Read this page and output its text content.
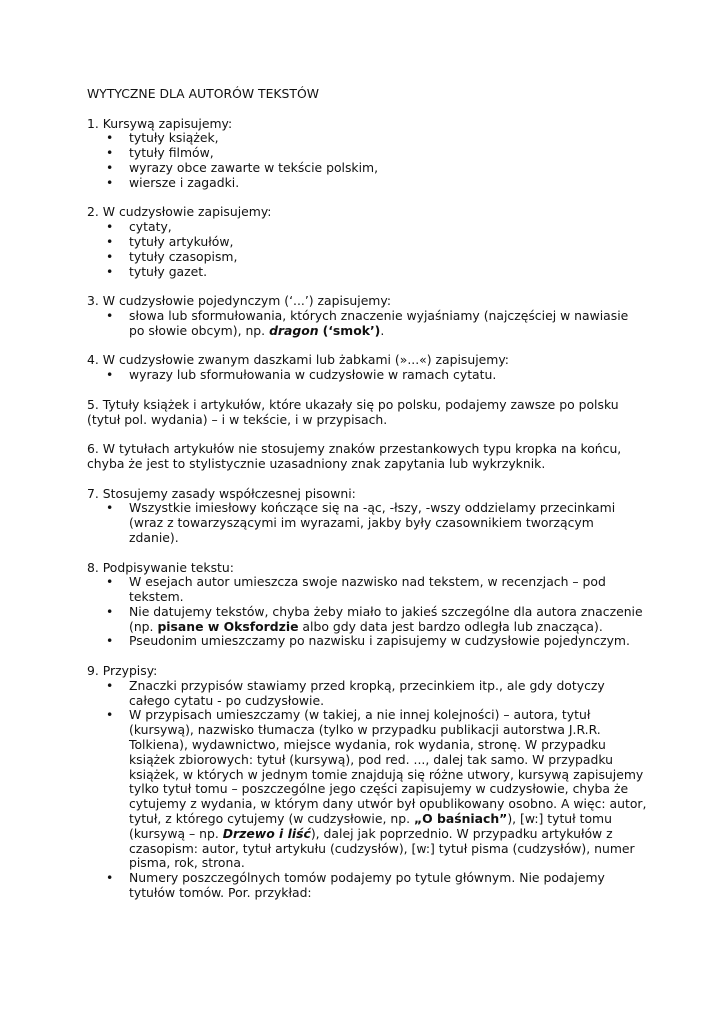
WYTYCZNE DLA AUTORÓW TEKSTÓW

1. Kursywą zapisujemy:

• tytuły książek,
• tytuły filmów,
• wyrazy obce zawarte w tekście polskim,
• wiersze i zagadki.

2. W cudzysłowie zapisujemy:

• cytaty,
• tytuły artykułów,
• tytuły czasopism,
• tytuły gazet.

3. W cudzysłowie pojedynczym (‘...’) zapisujemy:

• słowa lub sformułowania, których znaczenie wyjaśniamy (najczęściej w nawiasie po słowie obcym), np. dragon (‘smok’).

4. W cudzysłowie zwanym daszkami lub żabkami (»...«) zapisujemy:

• wyrazy lub sformułowania w cudzysłowie w ramach cytatu.

5. Tytuły książek i artykułów, które ukazały się po polsku, podajemy zawsze po polsku (tytuł pol. wydania) – i w tekście, i w przypisach.

6. W tytułach artykułów nie stosujemy znaków przestankowych typu kropka na końcu, chyba że jest to stylistycznie uzasadniony znak zapytania lub wykrzyknik.

7. Stosujemy zasady współczesnej pisowni:

• Wszystkie imiesłowy kończące się na -ąc, -łszy, -wszy oddzielamy przecinkami (wraz z towarzyszącymi im wyrazami, jakby były czasownikiem tworzącym zdanie).

8. Podpisywanie tekstu:

• W esejach autor umieszcza swoje nazwisko nad tekstem, w recenzjach – pod tekstem.
• Nie datujemy tekstów, chyba żeby miało to jakieś szczególne dla autora znaczenie (np. pisane w Oksfordzie albo gdy data jest bardzo odległa lub znacząca).
• Pseudonim umieszczamy po nazwisku i zapisujemy w cudzysłowie pojedynczym.

9. Przypisy:

• Znaczki przypisów stawiamy przed kropką, przecinkiem itp., ale gdy dotyczy całego cytatu - po cudzysłowie.
• W przypisach umieszczamy (w takiej, a nie innej kolejności) – autora, tytuł (kursywą), nazwisko tłumacza (tylko w przypadku publikacji autorstwa J.R.R. Tolkiena), wydawnictwo, miejsce wydania, rok wydania, stronę. W przypadku książek zbiorowych: tytuł (kursywą), pod red. ..., dalej tak samo. W przypadku książek, w których w jednym tomie znajdują się różne utwory, kursywą zapisujemy tylko tytuł tomu – poszczególne jego części zapisujemy w cudzysłowie, chyba że cytujemy z wydania, w którym dany utwór był opublikowany osobno. A więc: autor, tytuł, z którego cytujemy (w cudzysłowie, np. „O baśniach”), [w:] tytuł tomu (kursywą – np. Drzewo i liść), dalej jak poprzednio. W przypadku artykułów z czasopism: autor, tytuł artykułu (cudzysłów), [w:] tytuł pisma (cudzysłów), numer pisma, rok, strona.
• Numery poszczególnych tomów podajemy po tytule głównym. Nie podajemy tytułów tomów. Por. przykład:
